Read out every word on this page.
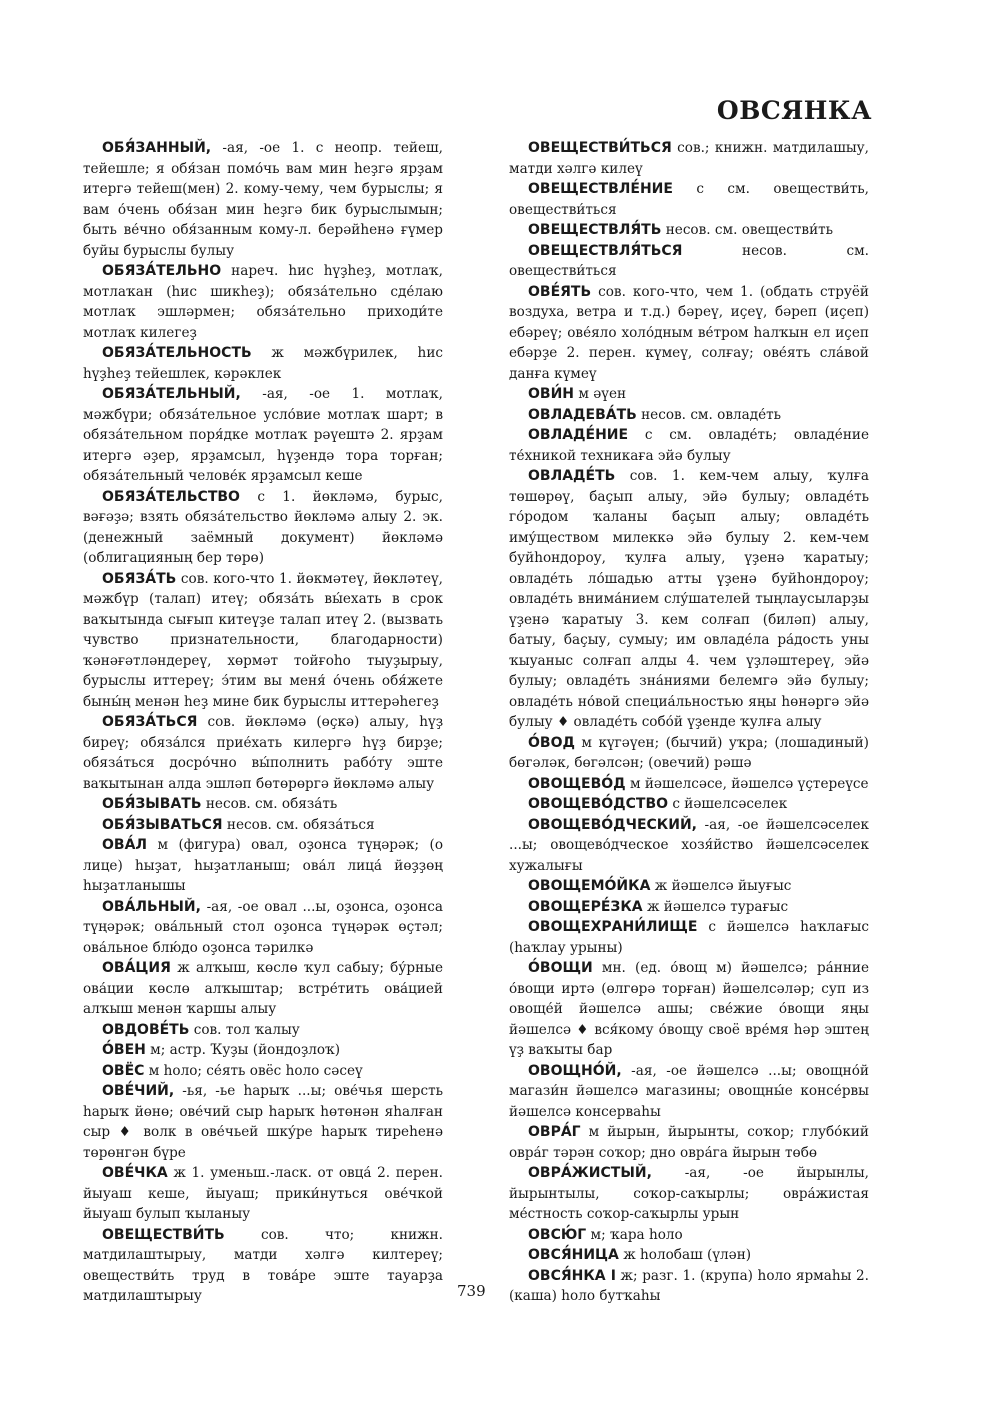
ОВСЯНКА

ОБЯ́ЗАННЫЙ, -ая, -ое 1. с неопр. тейеш, тейешле; я обя́зан помо́чь вам мин һеҙгә ярҙам итергә тейеш(мен) 2. кому-чему, чем бурыслы; я вам о́чень обя́зан мин һеҙгә бик бурыслымын; быть ве́чно обя́занным кому-л. берәйһенә ғүмер буйы бурыслы булыу

ОБЯЗА́ТЕЛЬНО нареч. һис һүҙһеҙ, мотлаҡ, мотлаҡан (һис шикһеҙ); обяза́тельно сде́лаю мотлаҡ эшләрмен; обяза́тельно приходи́те мотлаҡ килегеҙ

ОБЯЗА́ТЕЛЬНОСТЬ ж мәжбүрилек, һис һүҙһеҙ тейешлек, кәрәклек

ОБЯЗА́ТЕЛЬНЫЙ, -ая, -ое 1. мотлаҡ, мәжбүри; обяза́тельное усло́вие мотлаҡ шарт; в обяза́тельном поря́дке мотлаҡ рәүештә 2. ярҙам итергә әҙер, ярҙамсыл, һүҙендә тора торған; обяза́тельный челове́к ярҙамсыл кеше

ОБЯЗА́ТЕЛЬСТВО с 1. йөкләмә, бурыс, вәғәҙә; взять обяза́тельство йөкләмә алыу 2. эк. (денежный заёмный документ) йөкләмә (облигацияның бер төрө)

ОБЯЗА́ТЬ сов. кого-что 1. йөкмәтеү, йөкләтеү, мәжбүр (талап) итеү; обяза́ть вы́ехать в срок ваҡытында сығып китеүҙе талап итеү 2. (вызвать чувство признательности, благодарности) ҡәнәғәтләндереү, хөрмәт тойғоһо тыуҙырыу, бурыслы иттереү; э́тим вы меня́ о́чень обя́жете быны́ң менән һеҙ мине бик бурыслы иттерәһегеҙ

ОБЯЗА́ТЬСЯ сов. йөкләмә (өҫкә) алыу, һүҙ биреү; обяза́лся прие́хать килергә һүҙ бирҙе; обяза́ться досро́чно вы́полнить рабо́ту эште ваҡытынан алда эшләп бөтөрөргә йөкләмә алыу

ОБЯ́ЗЫВАТЬ несов. см. обяза́ть

ОБЯ́ЗЫВАТЬСЯ несов. см. обяза́ться

ОВА́Л м (фигура) овал, оҙонса түңәрәк; (о лице) һыҙат, һыҙатланыш; ова́л лица́ йөҙҙөң һыҙатланышы

ОВА́ЛЬНЫЙ, -ая, -ое овал ...ы, оҙонса, оҙонса түңәрәк; ова́льный стол оҙонса түңәрәк өҫтәл; ова́льное блю́до оҙонса тәрилкә

ОВА́ЦИЯ ж алҡыш, көслө ҡул сабыу; бу́рные ова́ции көслө алҡыштар; встре́тить ова́цией алҡыш менән ҡаршы алыу

ОВДОВЕ́ТЬ сов. тол ҡалыу

О́ВЕН м; астр. Ҡуҙы (йондоҙлоҡ)

ОВЁС м һоло; се́ять овёс һоло сәсеү

ОВЕ́ЧИЙ, -ья, -ье һарыҡ ...ы; ове́чья шерсть һарыҡ йөнө; ове́чий сыр һарыҡ һөтөнән яһалған сыр ♦ волк в ове́чьей шку́ре һарыҡ тиреһенә төрөнгән бүре

ОВЕ́ЧКА ж 1. уменьш.-ласк. от овца́ 2. перен. йыуаш кеше, йыуаш; прики́нуться ове́чкой йыуаш булып ҡыланыу

ОВЕЩЕСТВИ́ТЬ сов. что; книжн. матдилаштырыу, матди хәлгә килтереү; овеществи́ть труд в това́ре эште тауарҙа матдилаштырыу

ОВЕЩЕСТВИ́ТЬСЯ сов.; книжн. матдилашыу, матди хәлгә килеү

ОВЕЩЕСТВЛЕ́НИЕ с см. овеществи́ть, овеществи́ться

ОВЕЩЕСТВЛЯ́ТЬ несов. см. овеществи́ть

ОВЕЩЕСТВЛЯ́ТЬСЯ несов. см. овеществи́ться

ОВЕ́ЯТЬ сов. кого-что, чем 1. (обдать струёй воздуха, ветра и т.д.) бәреү, иҫеү, бәреп (иҫеп) ебәреү; ове́яло холо́дным ве́тром һалҡын ел иҫеп ебәрҙе 2. перен. күмеү, солғау; ове́ять сла́вой данға күмеү

ОВИ́Н м әүен

ОВЛАДЕВА́ТЬ несов. см. овладе́ть

ОВЛАДЕ́НИЕ с см. овладе́ть; овладе́ние те́хникой техникаға эйә булыу

ОВЛАДЕ́ТЬ сов. 1. кем-чем алыу, ҡулға төшөрөү, баҫып алыу, эйә булыу; овладе́ть го́родом ҡаланы баҫып алыу; овладе́ть иму́ществом милеккә эйә булыу 2. кем-чем буйһондороу, ҡулға алыу, үҙенә ҡаратыу; овладе́ть ло́шадью атты үҙенә буйһондороу; овладе́ть внима́нием слу́шателей тыңлаусыларҙы үҙенә ҡаратыу 3. кем солғап (биләп) алыу, батыу, баҫыу, сумыу; им овладе́ла ра́дость уны ҡыуаныс солғап алды 4. чем үҙләштереү, эйә булыу; овладе́ть зна́ниями белемгә эйә булыу; овладе́ть но́вой специа́льностью яңы һөнәргә эйә булыу ♦ овладе́ть собо́й үҙенде ҡулға алыу

О́ВОД м күгәүен; (бычий) уҡра; (лошадиный) бөгәләк, бөгәлсән; (овечий) рәшә

ОВОЩЕВО́Д м йәшелсәсе, йәшелсә үҫтереүсе

ОВОЩЕВО́ДСТВО с йәшелсәселек

ОВОЩЕВО́ДЧЕСКИЙ, -ая, -ое йәшелсәселек ...ы; овощево́дческое хозя́йство йәшелсәселек хужалығы

ОВОЩЕМО́ЙКА ж йәшелсә йыуғыс

ОВОЩЕРЕ́ЗКА ж йәшелсә турағыс

ОВОЩЕХРАНИ́ЛИЩЕ с йәшелсә һаҡлағыс (һаҡлау урыны)

О́ВОЩИ мн. (ед. о́вощ м) йәшелсә; ра́нние о́вощи иртә (өлгөрә торған) йәшелсәләр; суп из овоще́й йәшелсә ашы; све́жие о́вощи яңы йәшелсә ♦ вся́кому о́вощу своё вре́мя һәр эштең үҙ ваҡыты бар

ОВОЩНО́Й, -ая, -ое йәшелсә ...ы; овощно́й магази́н йәшелсә магазины; овощны́е консе́рвы йәшелсә консерваһы

ОВРА́Г м йырын, йырынты, соҡор; глубо́кий овра́г тәрән соҡор; дно овра́га йырын төбө

ОВРА́ЖИСТЫЙ, -ая, -ое йырынлы, йырынтылы, соҡор-саҡырлы; овра́жистая ме́стность соҡор-саҡырлы урын

ОВСЮ́Г м; ҡара һоло

ОВСЯ́НИЦА ж һолобаш (үлән)

ОВСЯ́НКА I ж; разг. 1. (крупа) һоло ярмаһы 2. (каша) һоло бутҡаһы

739
